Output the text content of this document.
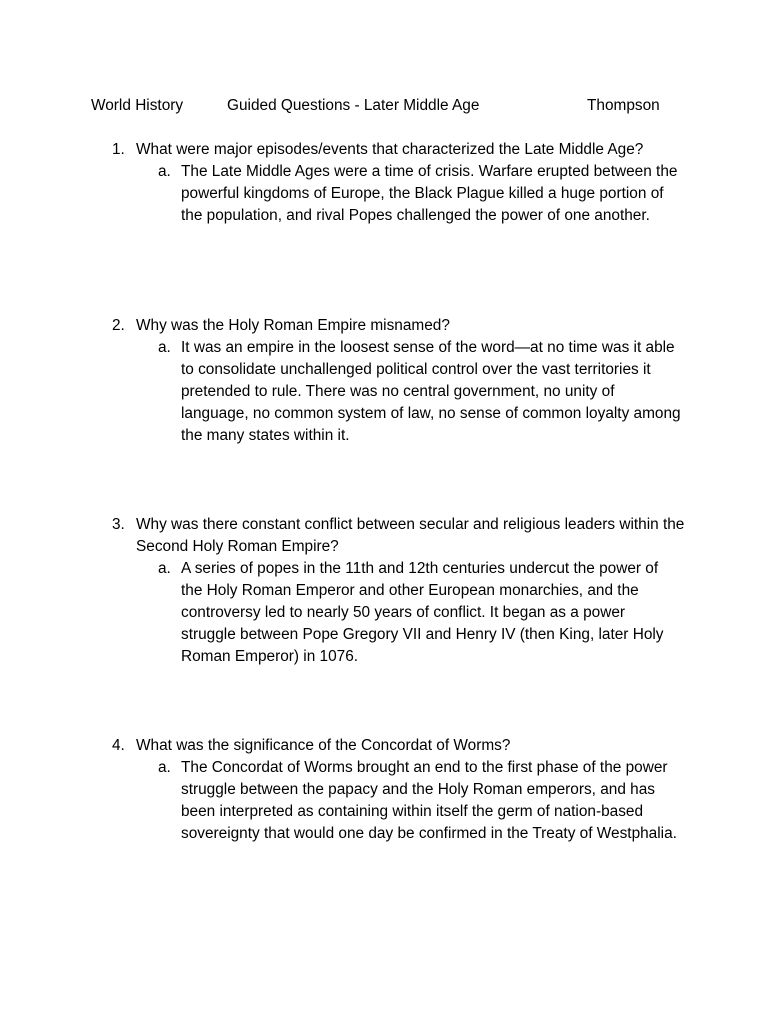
World History	Guided Questions - Later Middle Age	Thompson
1. What were major episodes/events that characterized the Late Middle Age?
a. The Late Middle Ages were a time of crisis. Warfare erupted between the powerful kingdoms of Europe, the Black Plague killed a huge portion of the population, and rival Popes challenged the power of one another.
2. Why was the Holy Roman Empire misnamed?
a. It was an empire in the loosest sense of the word—at no time was it able to consolidate unchallenged political control over the vast territories it pretended to rule. There was no central government, no unity of language, no common system of law, no sense of common loyalty among the many states within it.
3. Why was there constant conflict between secular and religious leaders within the Second Holy Roman Empire?
a. A series of popes in the 11th and 12th centuries undercut the power of the Holy Roman Emperor and other European monarchies, and the controversy led to nearly 50 years of conflict. It began as a power struggle between Pope Gregory VII and Henry IV (then King, later Holy Roman Emperor) in 1076.
4. What was the significance of the Concordat of Worms?
a. The Concordat of Worms brought an end to the first phase of the power struggle between the papacy and the Holy Roman emperors, and has been interpreted as containing within itself the germ of nation-based sovereignty that would one day be confirmed in the Treaty of Westphalia.
